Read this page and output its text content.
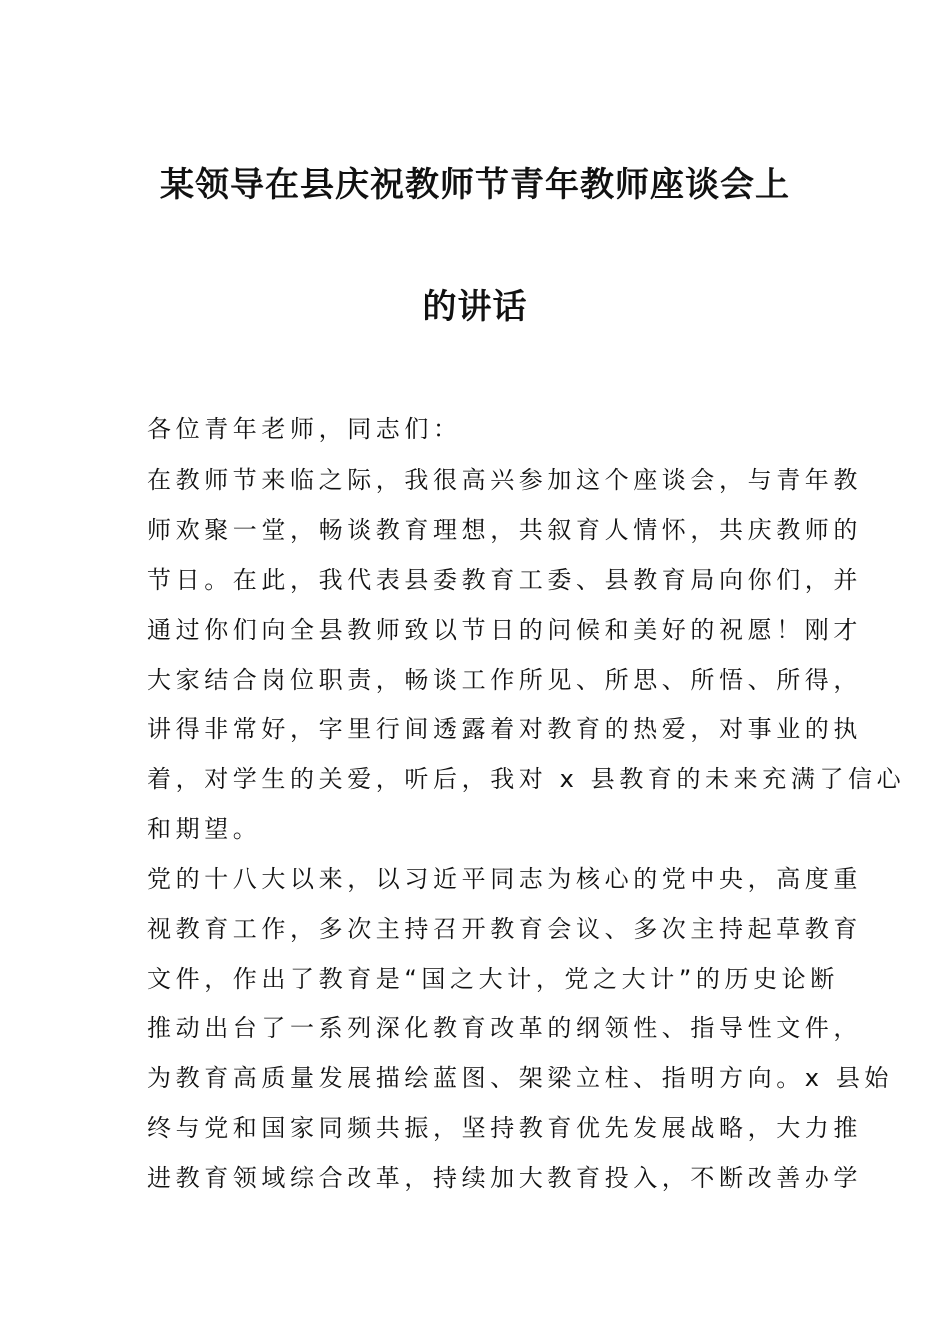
某领导在县庆祝教师节青年教师座谈会上
的讲话
各位青年老师，同志们：
在教师节来临之际，我很高兴参加这个座谈会，与青年教
师欢聚一堂，畅谈教育理想，共叙育人情怀，共庆教师的
节日。在此，我代表县委教育工委、县教育局向你们，并
通过你们向全县教师致以节日的问候和美好的祝愿！刚才
大家结合岗位职责，畅谈工作所见、所思、所悟、所得，
讲得非常好，字里行间透露着对教育的热爱，对事业的执
着，对学生的关爱，听后，我对 x 县教育的未来充满了信心
和期望。
党的十八大以来，以习近平同志为核心的党中央，高度重
视教育工作，多次主持召开教育会议、多次主持起草教育
文件，作出了教育是“国之大计，党之大计”的历史论断
推动出台了一系列深化教育改革的纲领性、指导性文件，
为教育高质量发展描绘蓝图、架梁立柱、指明方向。x 县始
终与党和国家同频共振，坚持教育优先发展战略，大力推
进教育领域综合改革，持续加大教育投入，不断改善办学
